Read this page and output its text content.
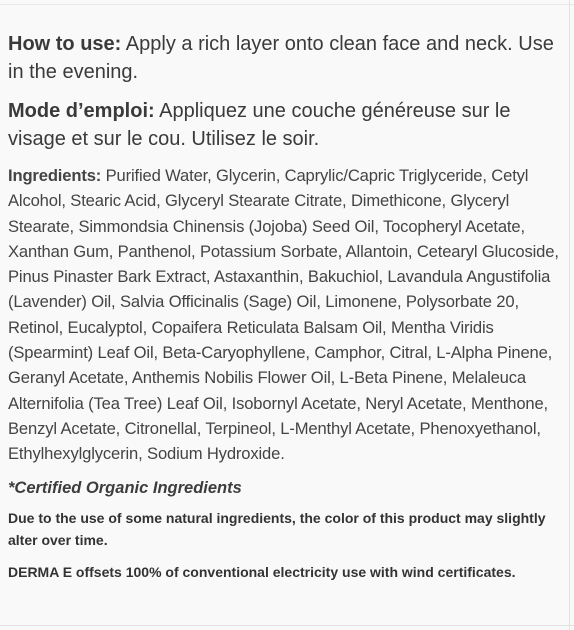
How to use: Apply a rich layer onto clean face and neck. Use in the evening.
Mode d’emploi: Appliquez une couche généreuse sur le visage et sur le cou. Utilisez le soir.
Ingredients: Purified Water, Glycerin, Caprylic/Capric Triglyceride, Cetyl Alcohol, Stearic Acid, Glyceryl Stearate Citrate, Dimethicone, Glyceryl Stearate, Simmondsia Chinensis (Jojoba) Seed Oil, Tocopheryl Acetate, Xanthan Gum, Panthenol, Potassium Sorbate, Allantoin, Cetearyl Glucoside, Pinus Pinaster Bark Extract, Astaxanthin, Bakuchiol, Lavandula Angustifolia (Lavender) Oil, Salvia Officinalis (Sage) Oil, Limonene, Polysorbate 20, Retinol, Eucalyptol, Copaifera Reticulata Balsam Oil, Mentha Viridis (Spearmint) Leaf Oil, Beta-Caryophyllene, Camphor, Citral, L-Alpha Pinene, Geranyl Acetate, Anthemis Nobilis Flower Oil, L-Beta Pinene, Melaleuca Alternifolia (Tea Tree) Leaf Oil, Isobornyl Acetate, Neryl Acetate, Menthone, Benzyl Acetate, Citronellal, Terpineol, L-Menthyl Acetate, Phenoxyethanol, Ethylhexylglycerin, Sodium Hydroxide.
*Certified Organic Ingredients
Due to the use of some natural ingredients, the color of this product may slightly alter over time.
DERMA E offsets 100% of conventional electricity use with wind certificates.
